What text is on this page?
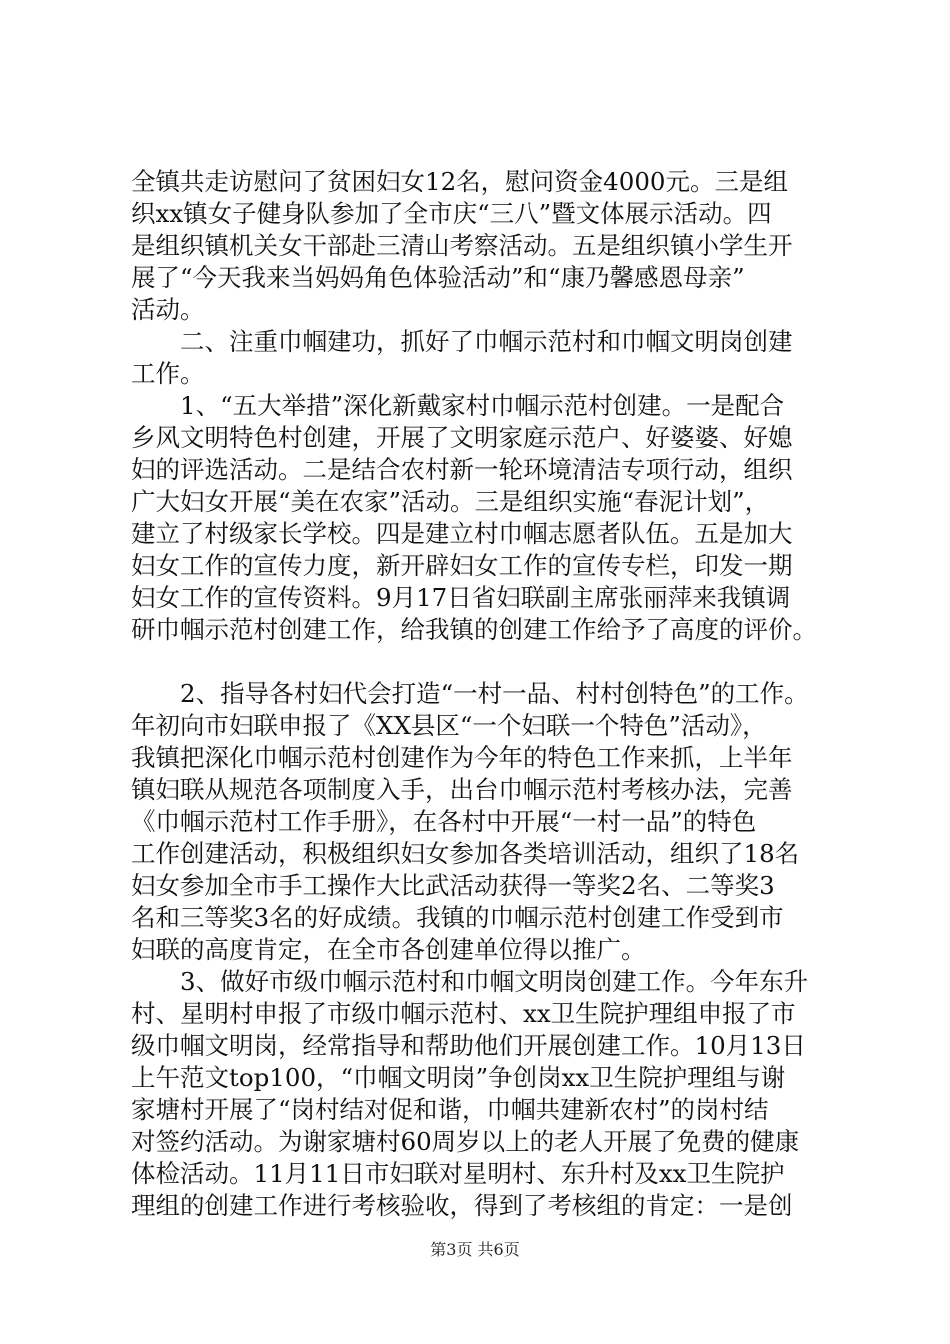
全镇共走访慰问了贫困妇女12名，慰问资金4000元。三是组
织xx镇女子健身队参加了全市庆“三八”暨文体展示活动。四
是组织镇机关女干部赴三清山考察活动。五是组织镇小学生开
展了“今天我来当妈妈角色体验活动”和“康乃馨感恩母亲”
活动。
　　二、注重巾帼建功，抓好了巾帼示范村和巾帼文明岗创建
工作。
　　1、“五大举措”深化新戴家村巾帼示范村创建。一是配合
乡风文明特色村创建，开展了文明家庭示范户、好婆婆、好媳
妇的评选活动。二是结合农村新一轮环境清洁专项行动，组织
广大妇女开展“美在农家”活动。三是组织实施“春泥计划”，
建立了村级家长学校。四是建立村巾帼志愿者队伍。五是加大
妇女工作的宣传力度，新开辟妇女工作的宣传专栏，印发一期
妇女工作的宣传资料。9月17日省妇联副主席张丽萍来我镇调
研巾帼示范村创建工作，给我镇的创建工作给予了高度的评价。
　　2、指导各村妇代会打造“一村一品、村村创特色”的工作。
年初向市妇联申报了《XX县区“一个妇联一个特色”活动》，
我镇把深化巾帼示范村创建作为今年的特色工作来抓，上半年
镇妇联从规范各项制度入手，出台巾帼示范村考核办法，完善
《巾帼示范村工作手册》，在各村中开展“一村一品”的特色
工作创建活动，积极组织妇女参加各类培训活动，组织了18名
妇女参加全市手工操作大比武活动获得一等奖2名、二等奖3
名和三等奖3名的好成绩。我镇的巾帼示范村创建工作受到市
妇联的高度肯定，在全市各创建单位得以推广。
　　3、做好市级巾帼示范村和巾帼文明岗创建工作。今年东升
村、星明村申报了市级巾帼示范村、xx卫生院护理组申报了市
级巾帼文明岗，经常指导和帮助他们开展创建工作。10月13日
上午范文top100，“巾帼文明岗”争创岗xx卫生院护理组与谢
家塘村开展了“岗村结对促和谐，巾帼共建新农村”的岗村结
对签约活动。为谢家塘村60周岁以上的老人开展了免费的健康
体检活动。11月11日市妇联对星明村、东升村及xx卫生院护
理组的创建工作进行考核验收，得到了考核组的肯定：一是创
第3页 共6页
